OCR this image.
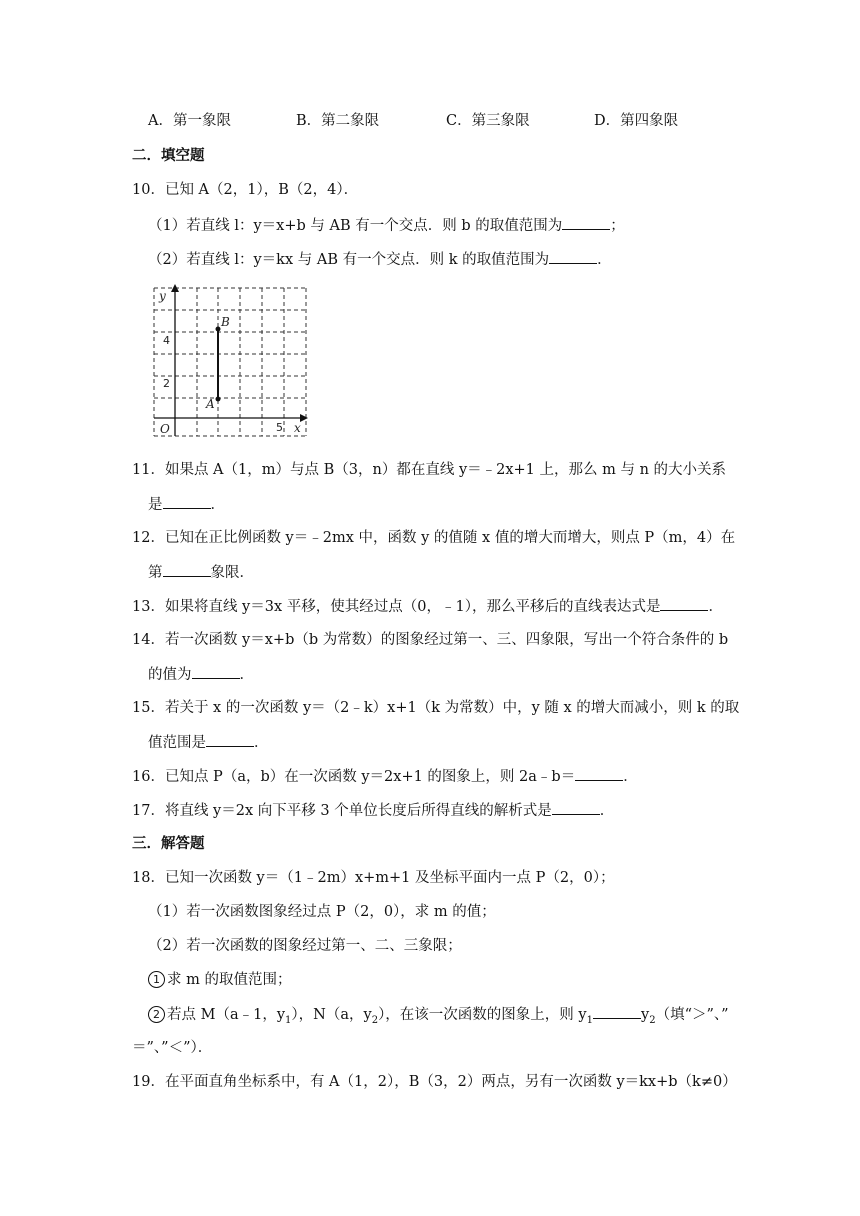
A．第一象限	B．第二象限	C．第三象限	D．第四象限
二．填空题
10．已知 A（2，1），B（2，4）．
（1）若直线 l：y＝x+b 与 AB 有一个交点．则 b 的取值范围为	；
（2）若直线 l：y＝kx 与 AB 有一个交点．则 k 的取值范围为	．
y
x
O
A
B
4
2
5
11．如果点 A（1，m）与点 B（3，n）都在直线 y＝﹣2x+1 上，那么 m 与 n 的大小关系
是	．
12．已知在正比例函数 y＝﹣2mx 中，函数 y 的值随 x 值的增大而增大，则点 P（m，4）在
第	象限．
13．如果将直线 y＝3x 平移，使其经过点（0，﹣1），那么平移后的直线表达式是	．
14．若一次函数 y＝x+b（b 为常数）的图象经过第一、三、四象限，写出一个符合条件的 b
的值为	．
15．若关于 x 的一次函数 y＝（2﹣k）x+1（k 为常数）中，y 随 x 的增大而减小，则 k 的取
值范围是	．
16．已知点 P（a，b）在一次函数 y＝2x+1 的图象上，则 2a﹣b＝	．
17．将直线 y＝2x 向下平移 3 个单位长度后所得直线的解析式是	．
三．解答题
18．已知一次函数 y＝（1﹣2m）x+m+1 及坐标平面内一点 P（2，0）；
（1）若一次函数图象经过点 P（2，0），求 m 的值；
（2）若一次函数的图象经过第一、二、三象限；
1 求 m 的取值范围；
2 若点 M（a﹣1，$y_1$），N（a，$y_2$），在该一次函数的图象上，则 $y_1$	$y_2$（填“＞”、”
＝”、”＜”）．
19．在平面直角坐标系中，有 A（1，2），B（3，2）两点，另有一次函数 y＝kx+b（k≠0）
